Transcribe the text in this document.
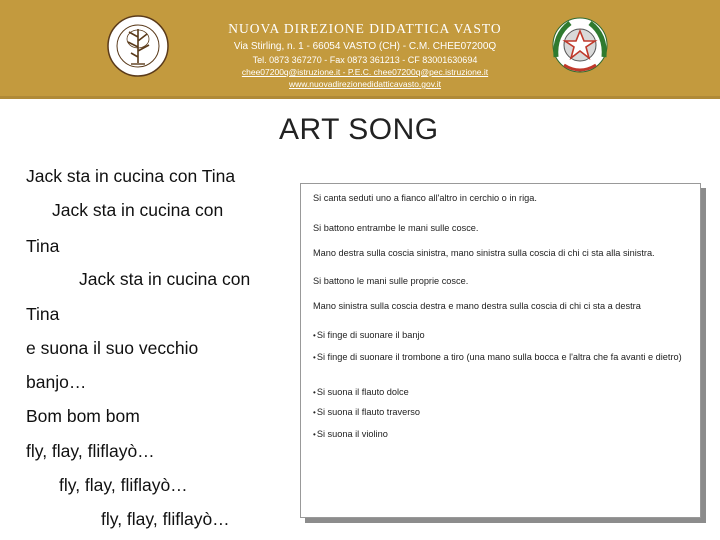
NUOVA DIREZIONE DIDATTICA VASTO
Via Stirling, n. 1 - 66054 VASTO (CH) - C.M. CHEE07200Q
Tel. 0873 367270 - Fax 0873 361213 - CF 83001630694
chee07200q@istruzione.it - P.E.C. chee07200q@pec.istruzione.it
www.nuovadirezionedidatticavasto.gov.it
ART SONG
Jack sta in cucina con Tina
Jack sta in cucina con
Tina
Jack sta in cucina con
Tina
e suona il suo vecchio
banjo…
Bom bom bom
fly, flay, fliflayò…
fly, flay, fliflayò…
fly, flay, fliflayò…
Si canta seduti uno a fianco all'altro in cerchio o in riga.
Si battono entrambe le mani sulle cosce.
Mano destra sulla coscia sinistra, mano sinistra sulla coscia di chi ci sta alla sinistra.
Si battono le mani sulle proprie cosce.
Mano sinistra sulla coscia destra e mano destra sulla coscia di chi ci sta a destra
• Si finge di suonare il banjo
• Si finge di suonare il trombone a tiro (una mano sulla bocca e l'altra che fa avanti e dietro)
• Si suona il flauto dolce
• Si suona il flauto traverso
• Si suona il violino
